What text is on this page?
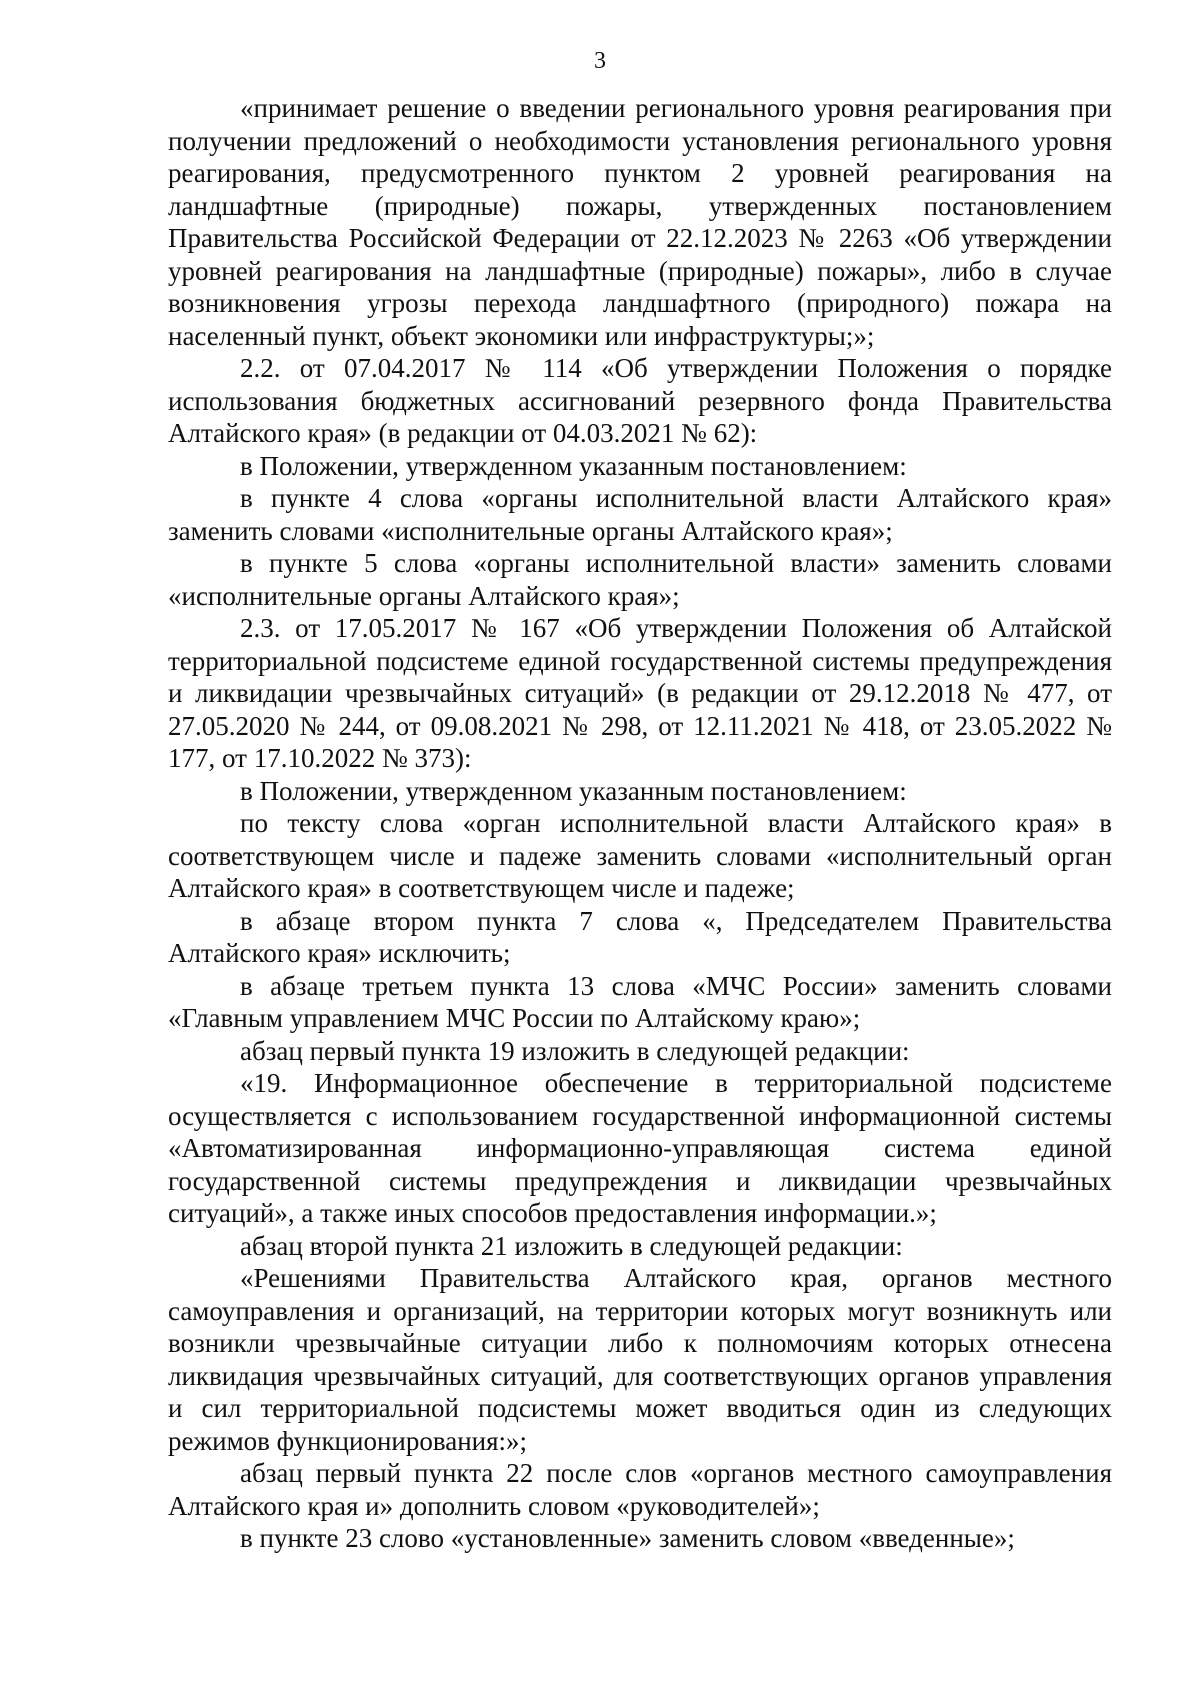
3

«принимает решение о введении регионального уровня реагирования при получении предложений о необходимости установления регионального уровня реагирования, предусмотренного пунктом 2 уровней реагирования на ландшафтные (природные) пожары, утвержденных постановлением Правительства Российской Федерации от 22.12.2023 № 2263 «Об утверждении уровней реагирования на ландшафтные (природные) пожары», либо в случае возникновения угрозы перехода ландшафтного (природного) пожара на населенный пункт, объект экономики или инфраструктуры;»;

2.2. от 07.04.2017 № 114 «Об утверждении Положения о порядке использования бюджетных ассигнований резервного фонда Правительства Алтайского края» (в редакции от 04.03.2021 № 62):

в Положении, утвержденном указанным постановлением:

в пункте 4 слова «органы исполнительной власти Алтайского края» заменить словами «исполнительные органы Алтайского края»;

в пункте 5 слова «органы исполнительной власти» заменить словами «исполнительные органы Алтайского края»;

2.3. от 17.05.2017 № 167 «Об утверждении Положения об Алтайской территориальной подсистеме единой государственной системы предупреждения и ликвидации чрезвычайных ситуаций» (в редакции от 29.12.2018 № 477, от 27.05.2020 № 244, от 09.08.2021 № 298, от 12.11.2021 № 418, от 23.05.2022 № 177, от 17.10.2022 № 373):

в Положении, утвержденном указанным постановлением:

по тексту слова «орган исполнительной власти Алтайского края» в соответствующем числе и падеже заменить словами «исполнительный орган Алтайского края» в соответствующем числе и падеже;

в абзаце втором пункта 7 слова «, Председателем Правительства Алтайского края» исключить;

в абзаце третьем пункта 13 слова «МЧС России» заменить словами «Главным управлением МЧС России по Алтайскому краю»;

абзац первый пункта 19 изложить в следующей редакции:

«19. Информационное обеспечение в территориальной подсистеме осуществляется с использованием государственной информационной системы «Автоматизированная информационно-управляющая система единой государственной системы предупреждения и ликвидации чрезвычайных ситуаций», а также иных способов предоставления информации.»;

абзац второй пункта 21 изложить в следующей редакции:

«Решениями Правительства Алтайского края, органов местного самоуправления и организаций, на территории которых могут возникнуть или возникли чрезвычайные ситуации либо к полномочиям которых отнесена ликвидация чрезвычайных ситуаций, для соответствующих органов управления и сил территориальной подсистемы может вводиться один из следующих режимов функционирования:»;

абзац первый пункта 22 после слов «органов местного самоуправления Алтайского края и» дополнить словом «руководителей»;

в пункте 23 слово «установленные» заменить словом «введенные»;
